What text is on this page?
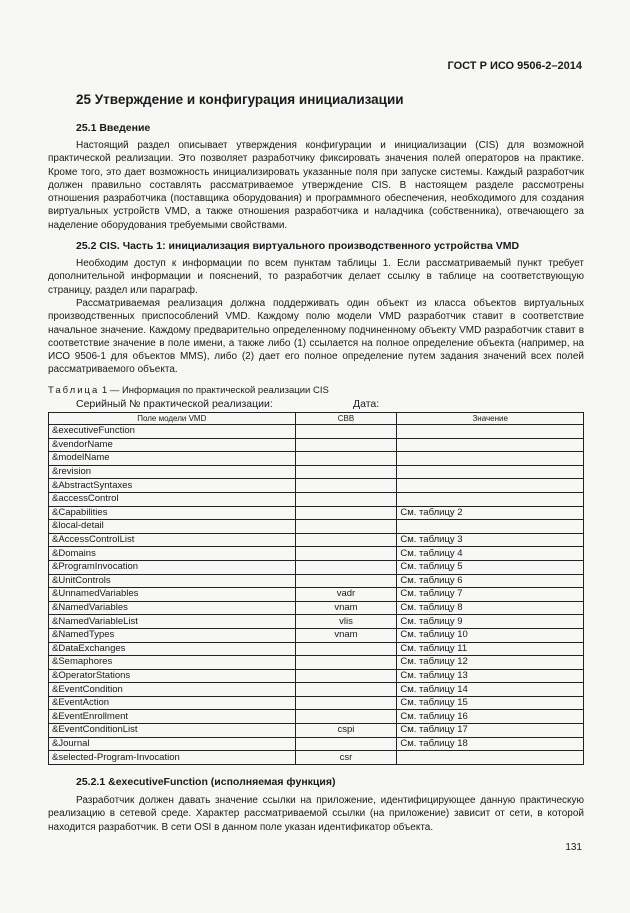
ГОСТ Р ИСО 9506-2–2014
25 Утверждение и конфигурация инициализации
25.1 Введение
Настоящий раздел описывает утверждения конфигурации и инициализации (CIS) для возможной практической реализации. Это позволяет разработчику фиксировать значения полей операторов на практике. Кроме того, это дает возможность инициализировать указанные поля при запуске системы. Каждый разработчик должен правильно составлять рассматриваемое утверждение CIS. В настоящем разделе рассмотрены отношения разработчика (поставщика оборудования) и программного обеспечения, необходимого для создания виртуальных устройств VMD, а также отношения разработчика и наладчика (собственника), отвечающего за наделение оборудования требуемыми свойствами.
25.2 CIS. Часть 1: инициализация виртуального производственного устройства VMD
Необходим доступ к информации по всем пунктам таблицы 1. Если рассматриваемый пункт требует дополнительной информации и пояснений, то разработчик делает ссылку в таблице на соответствующую страницу, раздел или параграф.
Рассматриваемая реализация должна поддерживать один объект из класса объектов виртуальных производственных приспособлений VMD. Каждому полю модели VMD разработчик ставит в соответствие начальное значение. Каждому предварительно определенному подчиненному объекту VMD разработчик ставит в соответствие значение в поле имени, а также либо (1) ссылается на полное определение объекта (например, на ИСО 9506-1 для объектов MMS), либо (2) дает его полное определение путем задания значений всех полей рассматриваемого объекта.
Таблица 1 — Информация по практической реализации CIS
Серийный № практической реализации:	Дата:
Поле модели VMD	СВВ	Значение
&executiveFunction		
&vendorName		
&modelName		
&revision		
&AbstractSyntaxes		
&accessControl		
&Capabilities		См. таблицу 2
&local-detail		
&AccessControlList		См. таблицу 3
&Domains		См. таблицу 4
&ProgramInvocation		См. таблицу 5
&UnitControls		См. таблицу 6
&UnnamedVariables	vadr	См. таблицу 7
&NamedVariables	vnam	См. таблицу 8
&NamedVariableList	vlis	См. таблицу 9
&NamedTypes	vnam	См. таблицу 10
&DataExchanges		См. таблицу 11
&Semaphores		См. таблицу 12
&OperatorStations		См. таблицу 13
&EventCondition		См. таблицу 14
&EventAction		См. таблицу 15
&EventEnrollment		См. таблицу 16
&EventConditionList	cspi	См. таблицу 17
&Journal		См. таблицу 18
&selected-Program-Invocation	csr	
25.2.1 &executiveFunction (исполняемая функция)
Разработчик должен давать значение ссылки на приложение, идентифицирующее данную практическую реализацию в сетевой среде. Характер рассматриваемой ссылки (на приложение) зависит от сети, в которой находится разработчик. В сети OSI в данном поле указан идентификатор объекта.
131
